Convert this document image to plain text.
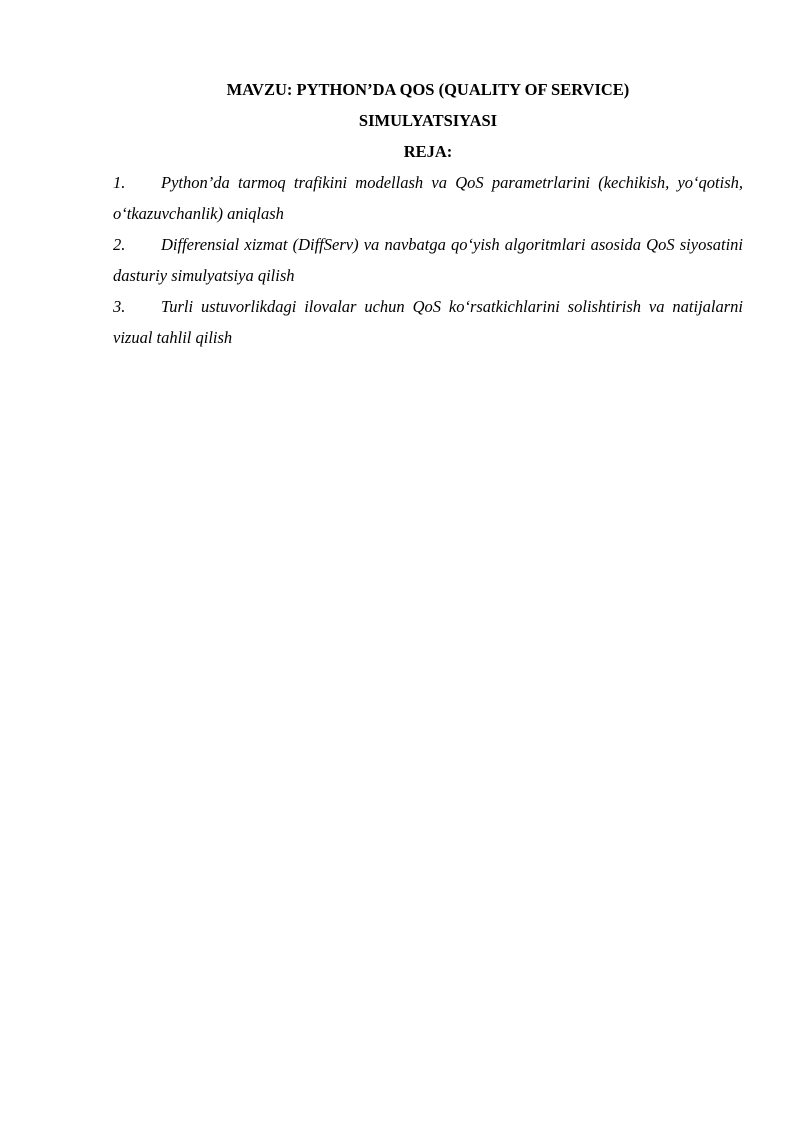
MAVZU: PYTHON’DA QOS (QUALITY OF SERVICE)

SIMULYATSIYASI

REJA:

1. Python’da tarmoq trafikini modellash va QoS parametrlarini (kechikish, yo‘qotish, o‘tkazuvchanlik) aniqlash
2. Differensial xizmat (DiffServ) va navbatga qo‘yish algoritmlari asosida QoS siyosatini dasturiy simulyatsiya qilish
3. Turli ustuvorlikdagi ilovalar uchun QoS ko‘rsatkichlarini solishtirish va natijalarni vizual tahlil qilish
